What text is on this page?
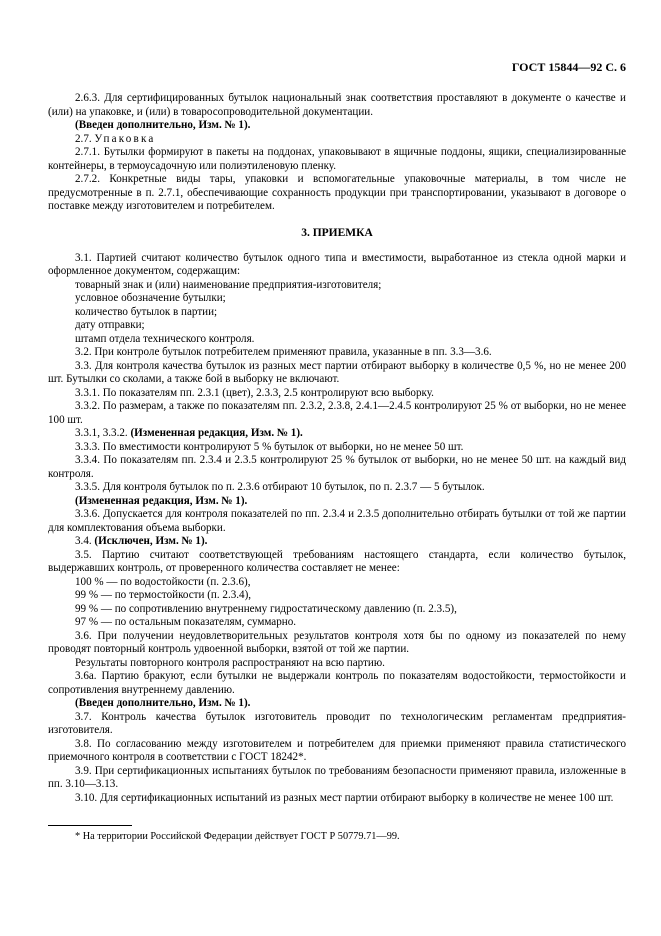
ГОСТ 15844—92 С. 6

2.6.3. Для сертифицированных бутылок национальный знак соответствия проставляют в документе о качестве и (или) на упаковке, и (или) в товаросопроводительной документации.

(Введен дополнительно, Изм. № 1).

2.7. Упаковка

2.7.1. Бутылки формируют в пакеты на поддонах, упаковывают в ящичные поддоны, ящики, специализированные контейнеры, в термоусадочную или полиэтиленовую пленку.

2.7.2. Конкретные виды тары, упаковки и вспомогательные упаковочные материалы, в том числе не предусмотренные в п. 2.7.1, обеспечивающие сохранность продукции при транспортировании, указывают в договоре о поставке между изготовителем и потребителем.

3. ПРИЕМКА

3.1. Партией считают количество бутылок одного типа и вместимости, выработанное из стекла одной марки и оформленное документом, содержащим:

товарный знак и (или) наименование предприятия-изготовителя;

условное обозначение бутылки;

количество бутылок в партии;

дату отправки;

штамп отдела технического контроля.

3.2. При контроле бутылок потребителем применяют правила, указанные в пп. 3.3—3.6.

3.3. Для контроля качества бутылок из разных мест партии отбирают выборку в количестве 0,5 %, но не менее 200 шт. Бутылки со сколами, а также бой в выборку не включают.

3.3.1. По показателям пп. 2.3.1 (цвет), 2.3.3, 2.5 контролируют всю выборку.

3.3.2. По размерам, а также по показателям пп. 2.3.2, 2.3.8, 2.4.1—2.4.5 контролируют 25 % от выборки, но не менее 100 шт.

3.3.1, 3.3.2. (Измененная редакция, Изм. № 1).

3.3.3. По вместимости контролируют 5 % бутылок от выборки, но не менее 50 шт.

3.3.4. По показателям пп. 2.3.4 и 2.3.5 контролируют 25 % бутылок от выборки, но не менее 50 шт. на каждый вид контроля.

3.3.5. Для контроля бутылок по п. 2.3.6 отбирают 10 бутылок, по п. 2.3.7 — 5 бутылок.

(Измененная редакция, Изм. № 1).

3.3.6. Допускается для контроля показателей по пп. 2.3.4 и 2.3.5 дополнительно отбирать бутылки от той же партии для комплектования объема выборки.

3.4. (Исключен, Изм. № 1).

3.5. Партию считают соответствующей требованиям настоящего стандарта, если количество бутылок, выдержавших контроль, от проверенного количества составляет не менее:

100 % — по водостойкости (п. 2.3.6),

99 % — по термостойкости (п. 2.3.4),

99 % — по сопротивлению внутреннему гидростатическому давлению (п. 2.3.5),

97 % — по остальным показателям, суммарно.

3.6. При получении неудовлетворительных результатов контроля хотя бы по одному из показателей по нему проводят повторный контроль удвоенной выборки, взятой от той же партии.

Результаты повторного контроля распространяют на всю партию.

3.6а. Партию бракуют, если бутылки не выдержали контроль по показателям водостойкости, термостойкости и сопротивления внутреннему давлению.

(Введен дополнительно, Изм. № 1).

3.7. Контроль качества бутылок изготовитель проводит по технологическим регламентам предприятия-изготовителя.

3.8. По согласованию между изготовителем и потребителем для приемки применяют правила статистического приемочного контроля в соответствии с ГОСТ 18242*.

3.9. При сертификационных испытаниях бутылок по требованиям безопасности применяют правила, изложенные в пп. 3.10—3.13.

3.10. Для сертификационных испытаний из разных мест партии отбирают выборку в количестве не менее 100 шт.

* На территории Российской Федерации действует ГОСТ Р 50779.71—99.
